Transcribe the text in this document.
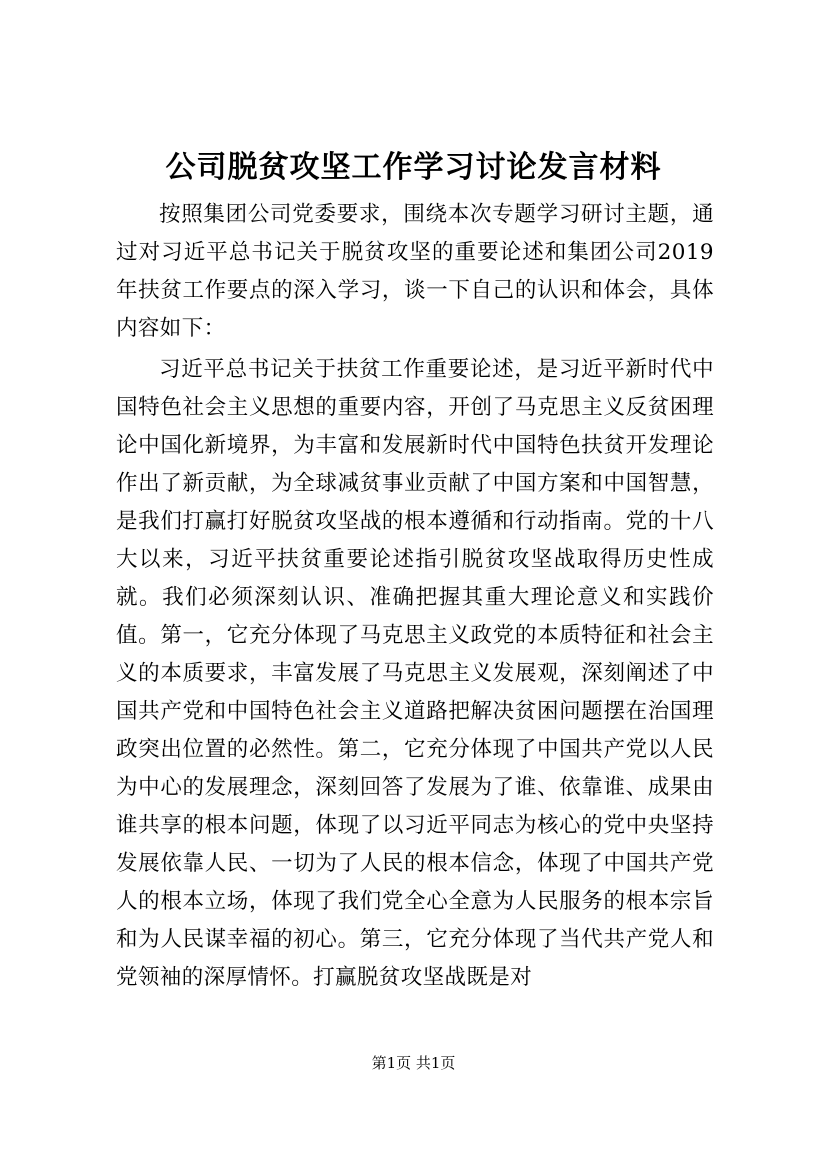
公司脱贫攻坚工作学习讨论发言材料

按照集团公司党委要求，围绕本次专题学习研讨主题，通过对习近平总书记关于脱贫攻坚的重要论述和集团公司2019年扶贫工作要点的深入学习，谈一下自己的认识和体会，具体内容如下：

习近平总书记关于扶贫工作重要论述，是习近平新时代中国特色社会主义思想的重要内容，开创了马克思主义反贫困理论中国化新境界，为丰富和发展新时代中国特色扶贫开发理论作出了新贡献，为全球减贫事业贡献了中国方案和中国智慧，是我们打赢打好脱贫攻坚战的根本遵循和行动指南。党的十八大以来，习近平扶贫重要论述指引脱贫攻坚战取得历史性成就。我们必须深刻认识、准确把握其重大理论意义和实践价值。第一，它充分体现了马克思主义政党的本质特征和社会主义的本质要求，丰富发展了马克思主义发展观，深刻阐述了中国共产党和中国特色社会主义道路把解决贫困问题摆在治国理政突出位置的必然性。第二，它充分体现了中国共产党以人民为中心的发展理念，深刻回答了发展为了谁、依靠谁、成果由谁共享的根本问题，体现了以习近平同志为核心的党中央坚持发展依靠人民、一切为了人民的根本信念，体现了中国共产党人的根本立场，体现了我们党全心全意为人民服务的根本宗旨和为人民谋幸福的初心。第三，它充分体现了当代共产党人和党领袖的深厚情怀。打赢脱贫攻坚战既是对

第1页 共1页
